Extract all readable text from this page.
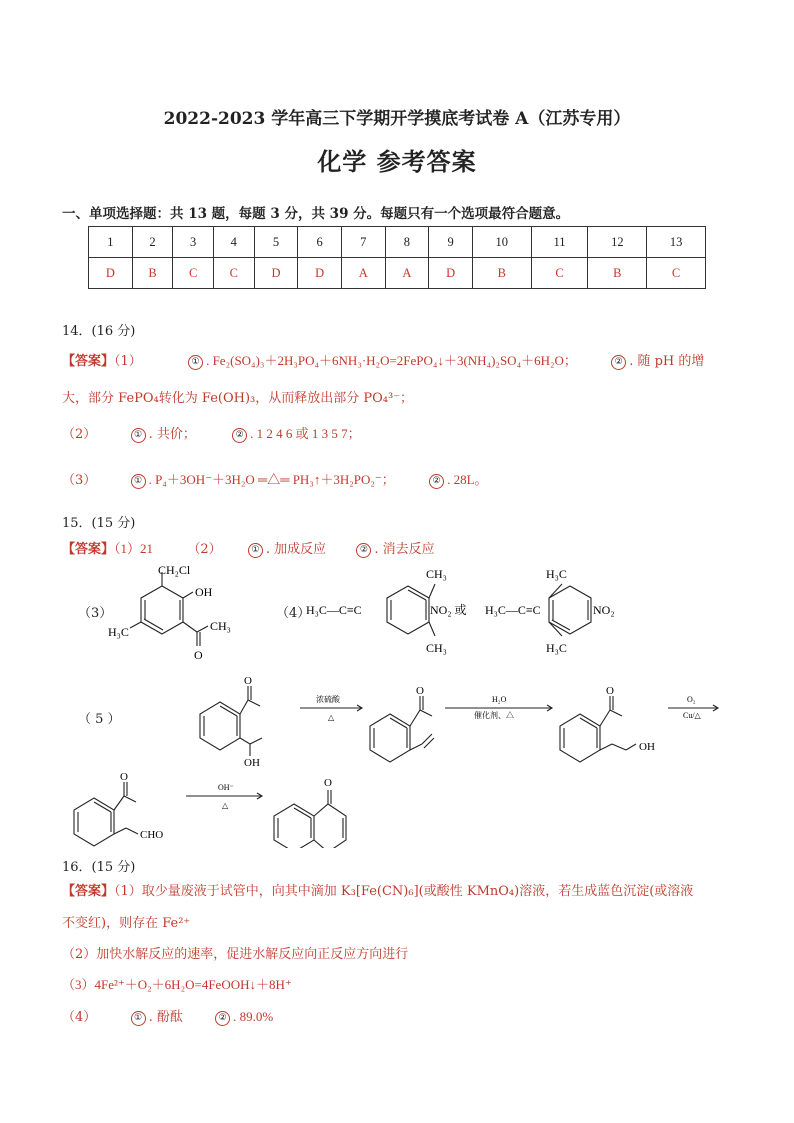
2022-2023 学年高三下学期开学摸底考试卷 A（江苏专用）
化学 参考答案
一、单项选择题：共 13 题，每题 3 分，共 39 分。每题只有一个选项最符合题意。
1	2	3	4	5	6	7	8	9	10	11	12	13
D	B	C	C	D	D	A	A	D	B	C	B	C
14．(16 分)
【答案】（1）	① . Fe₂(SO₄)₃＋2H₃PO₄＋6NH₃·H₂O=2FePO₄↓＋3(NH₄)₂SO₄＋6H₂O；	② . 随 pH 的增
大，部分 FePO₄转化为 Fe(OH)₃，从而释放出部分 PO₄³⁻；
（2）	① . 共价；	② . 1 2 4 6 或 1 3 5 7；
（3）	① . P₄＋3OH⁻＋3H₂O ═△═ PH₃↑＋3H₂PO₂⁻；	② . 28L。
15．(15 分)
【答案】（1）21	（2）	① . 加成反应	② . 消去反应
（3）
CH₂Cl
OH
H₃C	CH₃
O
（4）
H₃C—C≡C	NO₂ 或
CH₃
CH₃
H₃C—C≡C	NO₂
H₃C
H₃C
（ 5 ）
O
OH
浓硫酸
△
O
H₂O
催化剂、△
O
OH
O₂
Cu/△
O
CHO
OH⁻
△
O
16．(15 分)
【答案】（1）取少量废液于试管中，向其中滴加 K₃[Fe(CN)₆](或酸性 KMnO₄)溶液，若生成蓝色沉淀(或溶液
不变红)，则存在 Fe²⁺
（2）加快水解反应的速率，促进水解反应向正反应方向进行
（3）4Fe²⁺＋O₂＋6H₂O=4FeOOH↓＋8H⁺
（4）	① . 酚酞	② . 89.0%
